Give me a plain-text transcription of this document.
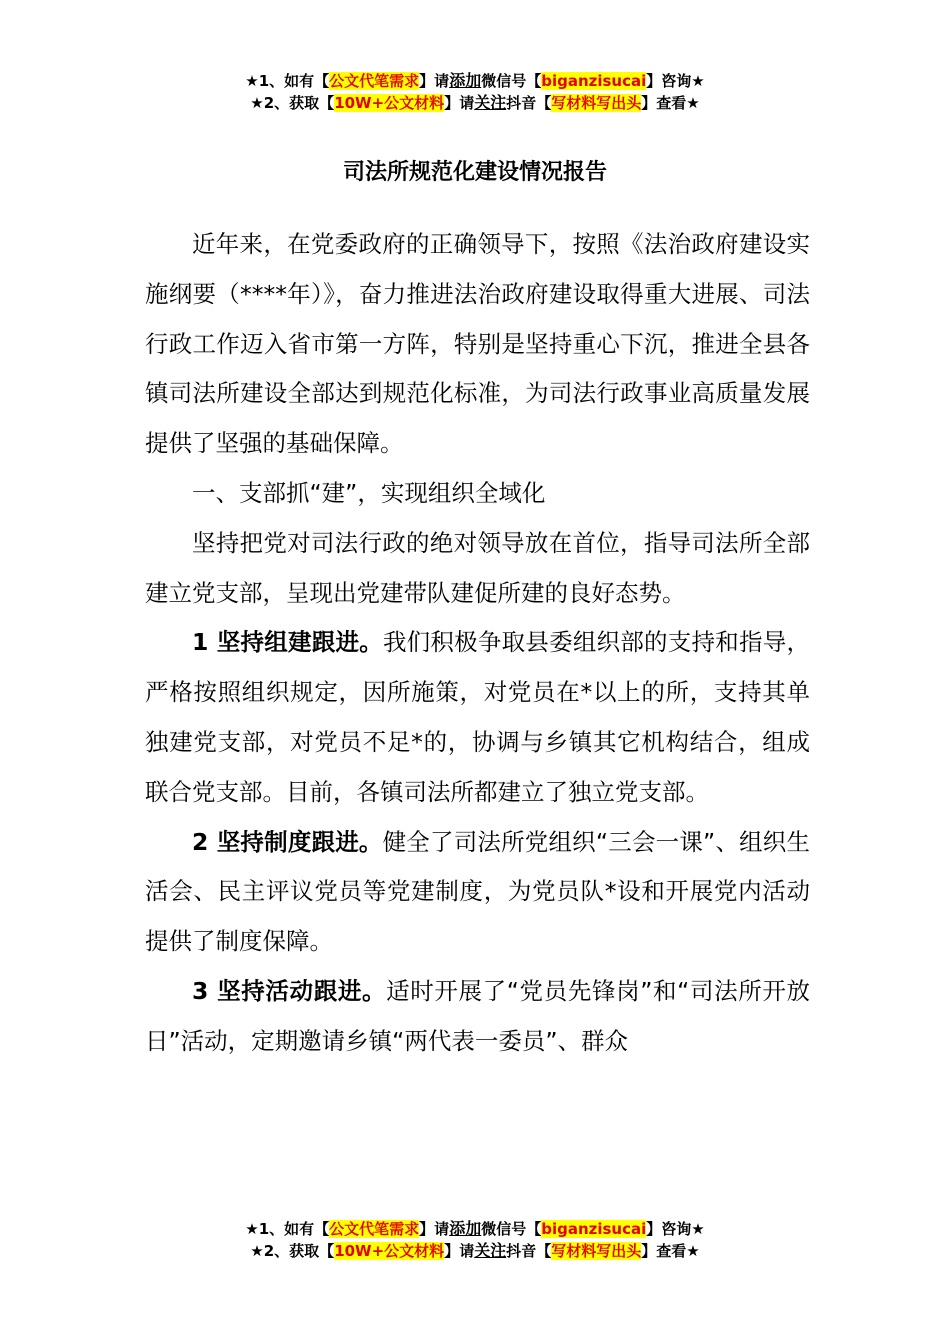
★1、如有【公文代笔需求】请添加微信号【biganzisucai】咨询★
★2、获取【10W+公文材料】请关注抖音【写材料写出头】查看★
司法所规范化建设情况报告

近年来，在党委政府的正确领导下，按照《法治政府建设实施纲要（****年）》，奋力推进法治政府建设取得重大进展、司法行政工作迈入省市第一方阵，特别是坚持重心下沉，推进全县各镇司法所建设全部达到规范化标准，为司法行政事业高质量发展提供了坚强的基础保障。

一、支部抓“建”，实现组织全域化

坚持把党对司法行政的绝对领导放在首位，指导司法所全部建立党支部，呈现出党建带队建促所建的良好态势。

1 坚持组建跟进。我们积极争取县委组织部的支持和指导，严格按照组织规定，因所施策，对党员在*以上的所，支持其单独建党支部，对党员不足*的，协调与乡镇其它机构结合，组成联合党支部。目前，各镇司法所都建立了独立党支部。

2 坚持制度跟进。健全了司法所党组织“三会一课”、组织生活会、民主评议党员等党建制度，为党员队*设和开展党内活动提供了制度保障。

3 坚持活动跟进。适时开展了“党员先锋岗”和“司法所开放日”活动，定期邀请乡镇“两代表一委员”、群众

★1、如有【公文代笔需求】请添加微信号【biganzisucai】咨询★
★2、获取【10W+公文材料】请关注抖音【写材料写出头】查看★
